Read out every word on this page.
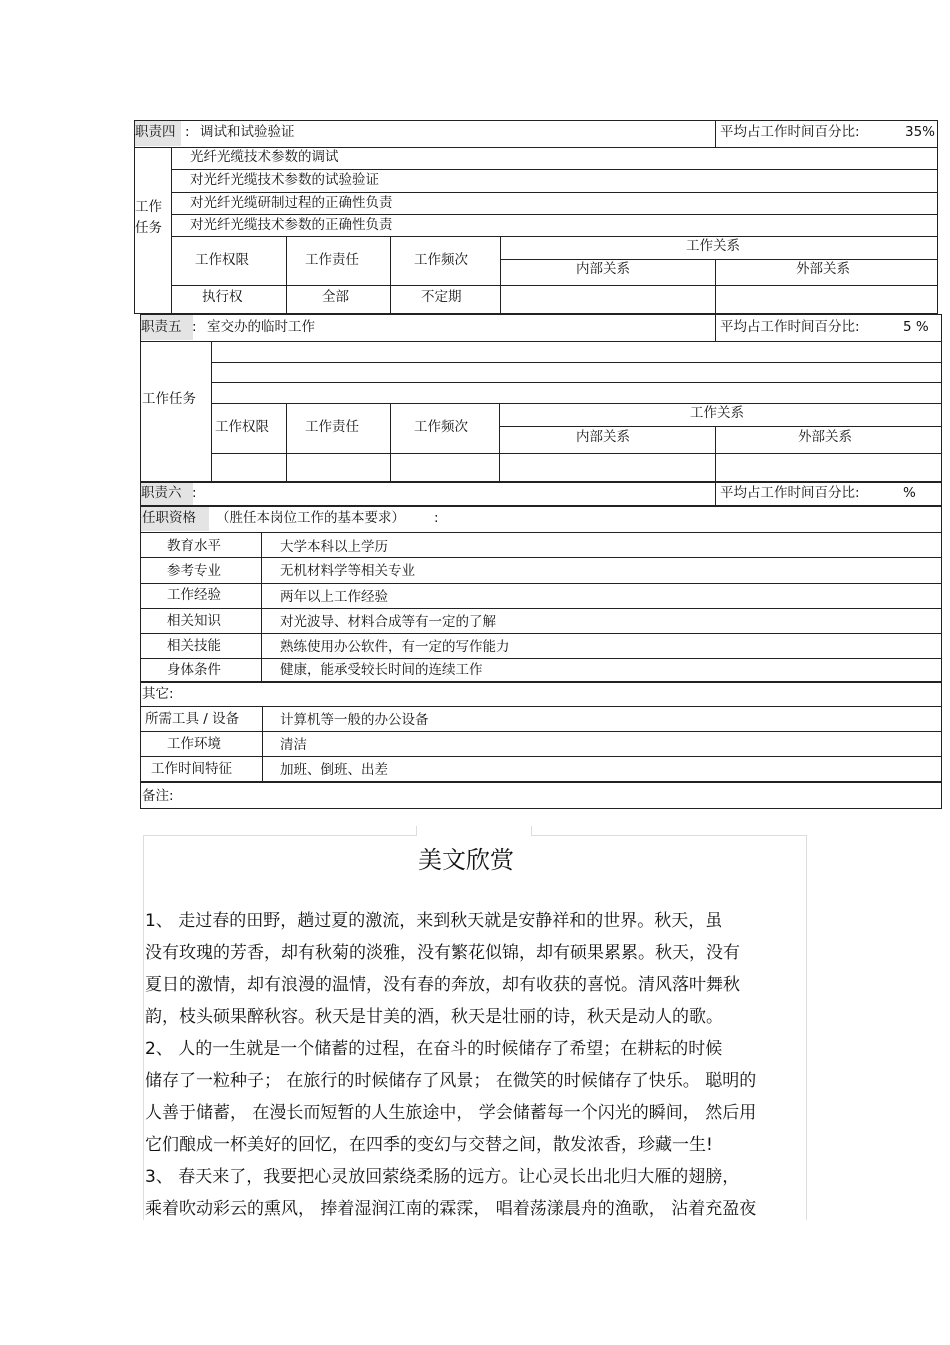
职责四 : 调试和试验验证	平均占工作时间百分比:	35%
工作
任务
光纤光缆技术参数的调试
对光纤光缆技术参数的试验验证
对光纤光缆研制过程的正确性负责
对光纤光缆技术参数的正确性负责
工作权限	工作责任	工作频次
工作关系
内部关系	外部关系
执行权	全部	不定期
职责五 : 室交办的临时工作	平均占工作时间百分比:	5 %
工作任务
工作权限	工作责任	工作频次
工作关系
内部关系	外部关系
职责六 :	平均占工作时间百分比:	%
任职资格 （胜任本岗位工作的基本要求） :
教育水平	大学本科以上学历
参考专业	无机材料学等相关专业
工作经验	两年以上工作经验
相关知识	对光波导、材料合成等有一定的了解
相关技能	熟练使用办公软件，有一定的写作能力
身体条件	健康，能承受较长时间的连续工作
其它:
所需工具 / 设备	计算机等一般的办公设备
工作环境	清洁
工作时间特征	加班、倒班、出差
备注:
美文欣赏
1、 走过春的田野，趟过夏的激流，来到秋天就是安静祥和的世界。秋天，虽
没有玫瑰的芳香，却有秋菊的淡雅，没有繁花似锦，却有硕果累累。秋天，没有
夏日的激情，却有浪漫的温情，没有春的奔放，却有收获的喜悦。清风落叶舞秋
韵，枝头硕果醉秋容。秋天是甘美的酒，秋天是壮丽的诗，秋天是动人的歌。
2、 人的一生就是一个储蓄的过程，在奋斗的时候储存了希望；在耕耘的时候
储存了一粒种子； 在旅行的时候储存了风景； 在微笑的时候储存了快乐。 聪明的
人善于储蓄， 在漫长而短暂的人生旅途中， 学会储蓄每一个闪光的瞬间， 然后用
它们酿成一杯美好的回忆，在四季的变幻与交替之间，散发浓香，珍藏一生!
3、 春天来了，我要把心灵放回萦绕柔肠的远方。让心灵长出北归大雁的翅膀，
乘着吹动彩云的熏风， 捧着湿润江南的霖霂， 唱着荡漾晨舟的渔歌， 沾着充盈夜
